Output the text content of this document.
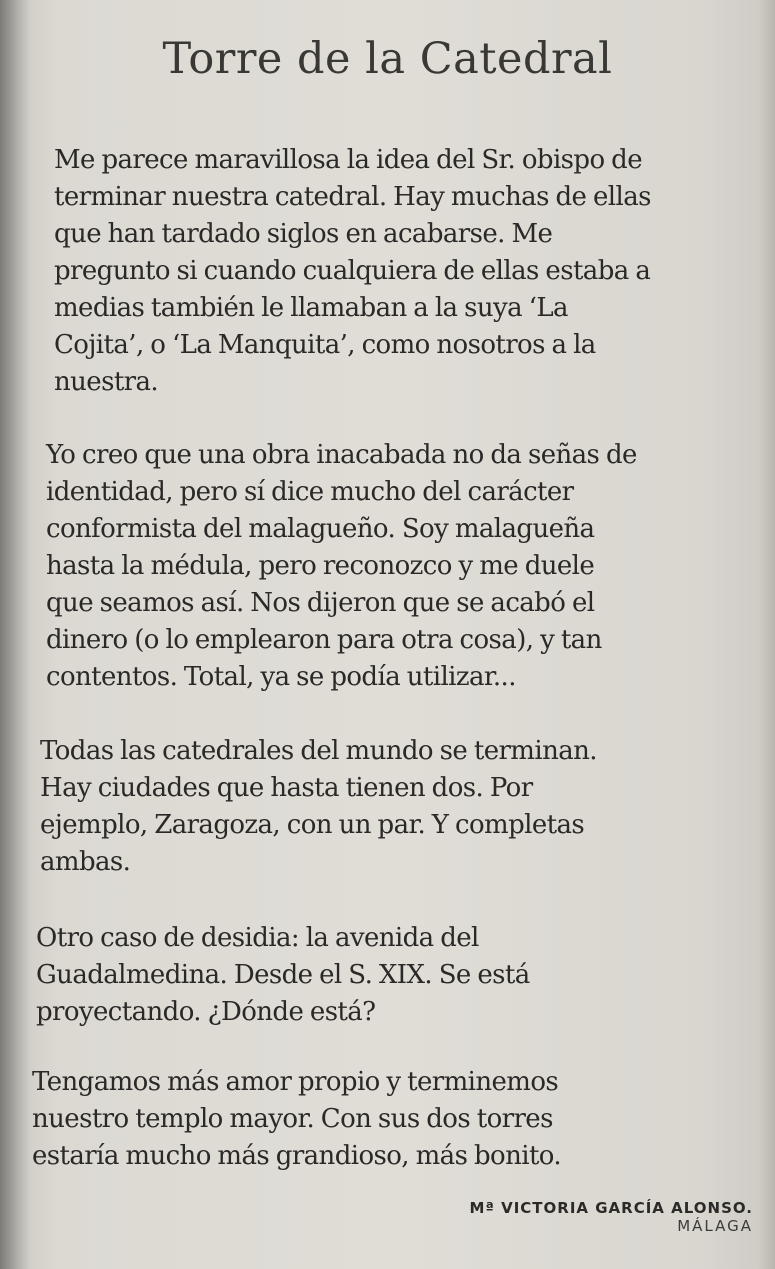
Torre de la Catedral

Me parece maravillosa la idea del Sr. obispo de
terminar nuestra catedral. Hay muchas de ellas
que han tardado siglos en acabarse. Me
pregunto si cuando cualquiera de ellas estaba a
medias también le llamaban a la suya ‘La
Cojita’, o ‘La Manquita’, como nosotros a la
nuestra.

Yo creo que una obra inacabada no da señas de
identidad, pero sí dice mucho del carácter
conformista del malagueño. Soy malagueña
hasta la médula, pero reconozco y me duele
que seamos así. Nos dijeron que se acabó el
dinero (o lo emplearon para otra cosa), y tan
contentos. Total, ya se podía utilizar...

Todas las catedrales del mundo se terminan.
Hay ciudades que hasta tienen dos. Por
ejemplo, Zaragoza, con un par. Y completas
ambas.

Otro caso de desidia: la avenida del
Guadalmedina. Desde el S. XIX. Se está
proyectando. ¿Dónde está?

Tengamos más amor propio y terminemos
nuestro templo mayor. Con sus dos torres
estaría mucho más grandioso, más bonito.

Mª VICTORIA GARCÍA ALONSO.
MÁLAGA
